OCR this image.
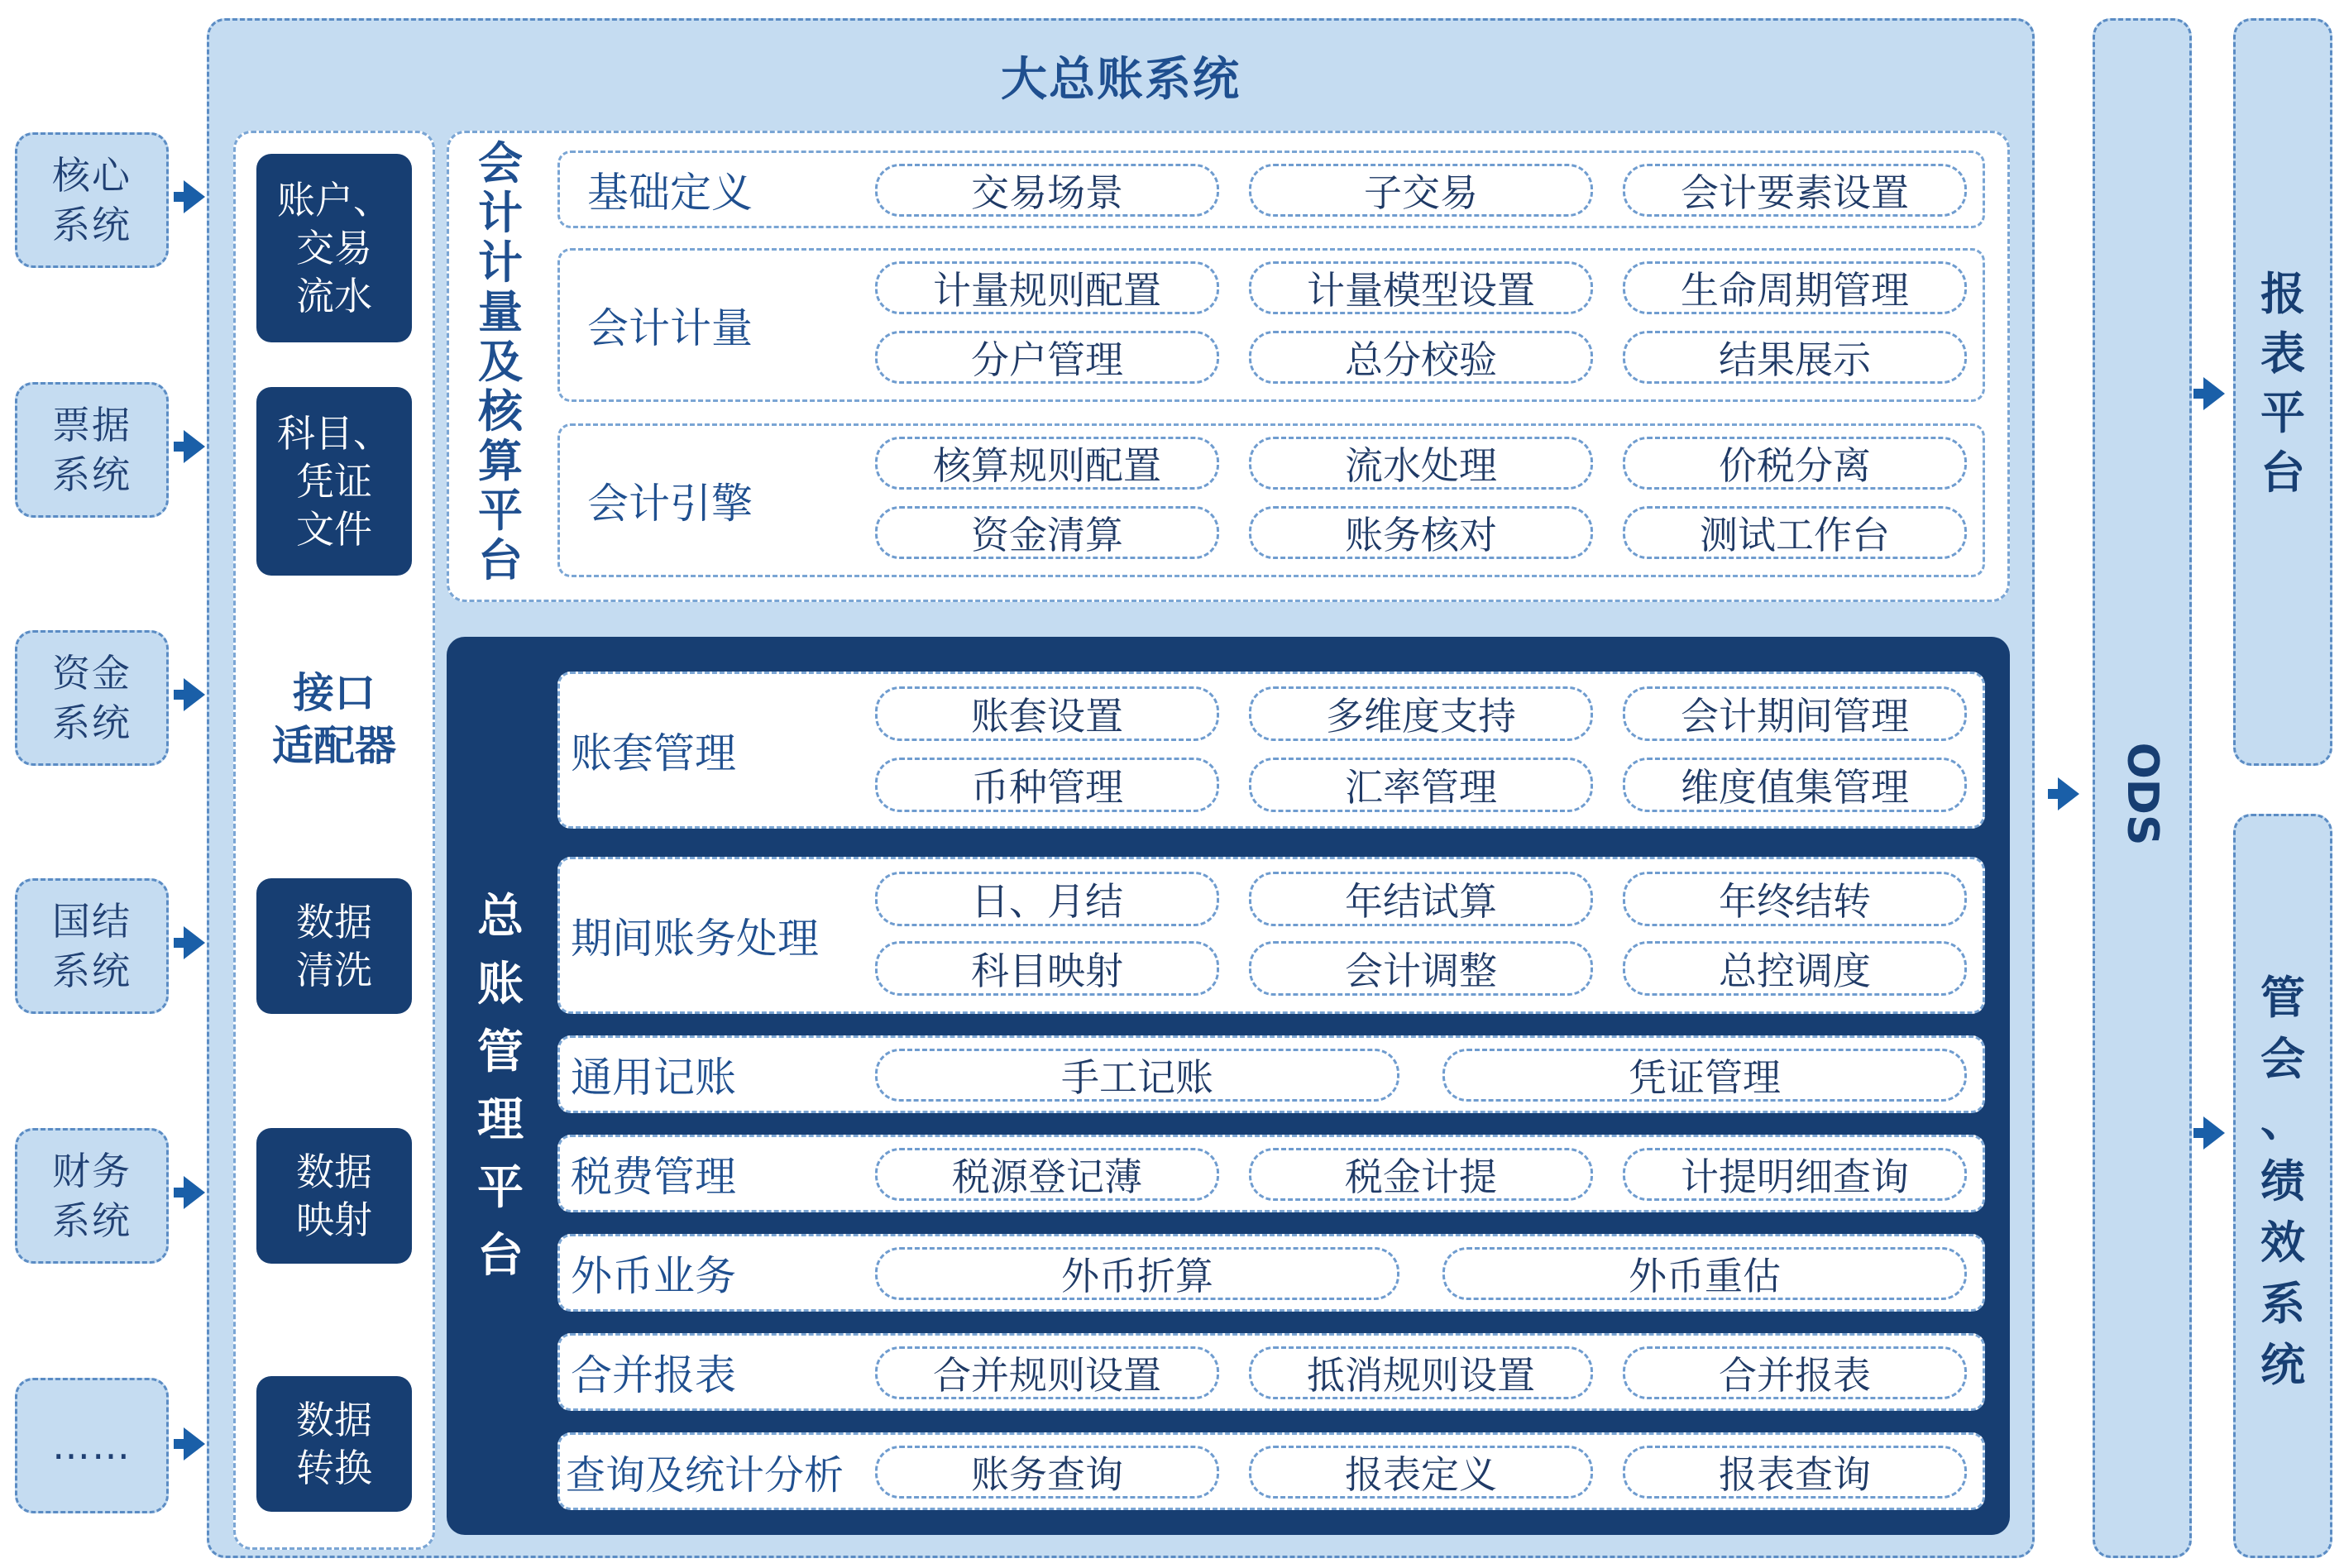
核心
系统
票据
系统
资金
系统
国结
系统
财务
系统
……
大总账系统
账户、
交易
流水
科目、
凭证
文件
接口
适配器
数据
清洗
数据
映射
数据
转换
会
计
计
量
及
核
算
平
台
基础定义	交易场景	子交易	会计要素设置
会计计量
计量规则配置	计量模型设置	生命周期管理
分户管理	总分校验	结果展示
会计引擎
核算规则配置	流水处理	价税分离
资金清算	账务核对	测试工作台
总
账
管
理
平
台
账套管理
账套设置	多维度支持	会计期间管理
币种管理	汇率管理	维度值集管理
期间账务处理
日、月结	年结试算	年终结转
科目映射	会计调整	总控调度
通用记账	手工记账	凭证管理
税费管理	税源登记薄	税金计提	计提明细查询
外币业务	外币折算	外币重估
合并报表	合并规则设置	抵消规则设置	合并报表
查询及统计分析	账务查询	报表定义	报表查询
报
表
平
台
管
会
、
绩
效
系
统
